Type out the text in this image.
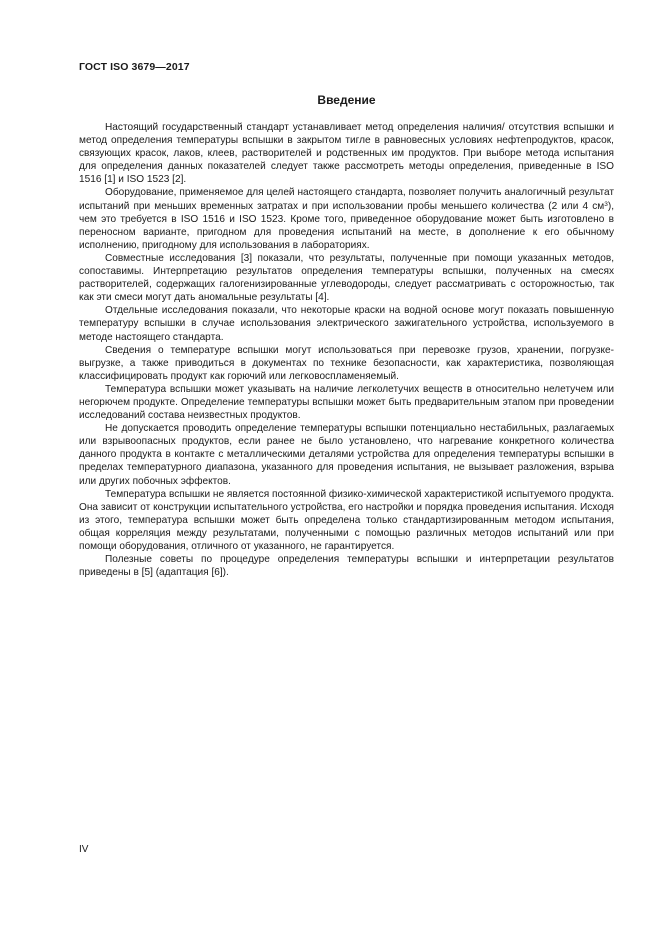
ГОСТ ISO 3679—2017
Введение

Настоящий государственный стандарт устанавливает метод определения наличия/ отсутствия вспышки и метод определения температуры вспышки в закрытом тигле в равновесных условиях нефтепродуктов, красок, связующих красок, лаков, клеев, растворителей и родственных им продуктов. При выборе метода испытания для определения данных показателей следует также рассмотреть методы определения, приведенные в ISO 1516 [1] и ISO 1523 [2].

Оборудование, применяемое для целей настоящего стандарта, позволяет получить аналогичный результат испытаний при меньших временных затратах и при использовании пробы меньшего количества (2 или 4 $см^3$), чем это требуется в ISO 1516 и ISO 1523. Кроме того, приведенное оборудование может быть изготовлено в переносном варианте, пригодном для проведения испытаний на месте, в дополнение к его обычному исполнению, пригодному для использования в лабораториях.

Совместные исследования [3] показали, что результаты, полученные при помощи указанных методов, сопоставимы. Интерпретацию результатов определения температуры вспышки, полученных на смесях растворителей, содержащих галогенизированные углеводороды, следует рассматривать с осторожностью, так как эти смеси могут дать аномальные результаты [4].

Отдельные исследования показали, что некоторые краски на водной основе могут показать повышенную температуру вспышки в случае использования электрического зажигательного устройства, используемого в методе настоящего стандарта.

Сведения о температуре вспышки могут использоваться при перевозке грузов, хранении, погрузке-выгрузке, а также приводиться в документах по технике безопасности, как характеристика, позволяющая классифицировать продукт как горючий или легковоспламеняемый.

Температура вспышки может указывать на наличие легколетучих веществ в относительно нелетучем или негорючем продукте. Определение температуры вспышки может быть предварительным этапом при проведении исследований состава неизвестных продуктов.

Не допускается проводить определение температуры вспышки потенциально нестабильных, разлагаемых или взрывоопасных продуктов, если ранее не было установлено, что нагревание конкретного количества данного продукта в контакте с металлическими деталями устройства для определения температуры вспышки в пределах температурного диапазона, указанного для проведения испытания, не вызывает разложения, взрыва или других побочных эффектов.

Температура вспышки не является постоянной физико-химической характеристикой испытуемого продукта. Она зависит от конструкции испытательного устройства, его настройки и порядка проведения испытания. Исходя из этого, температура вспышки может быть определена только стандартизированным методом испытания, общая корреляция между результатами, полученными с помощью различных методов испытаний или при помощи оборудования, отличного от указанного, не гарантируется.

Полезные советы по процедуре определения температуры вспышки и интерпретации результатов приведены в [5] (адаптация [6]).

IV
